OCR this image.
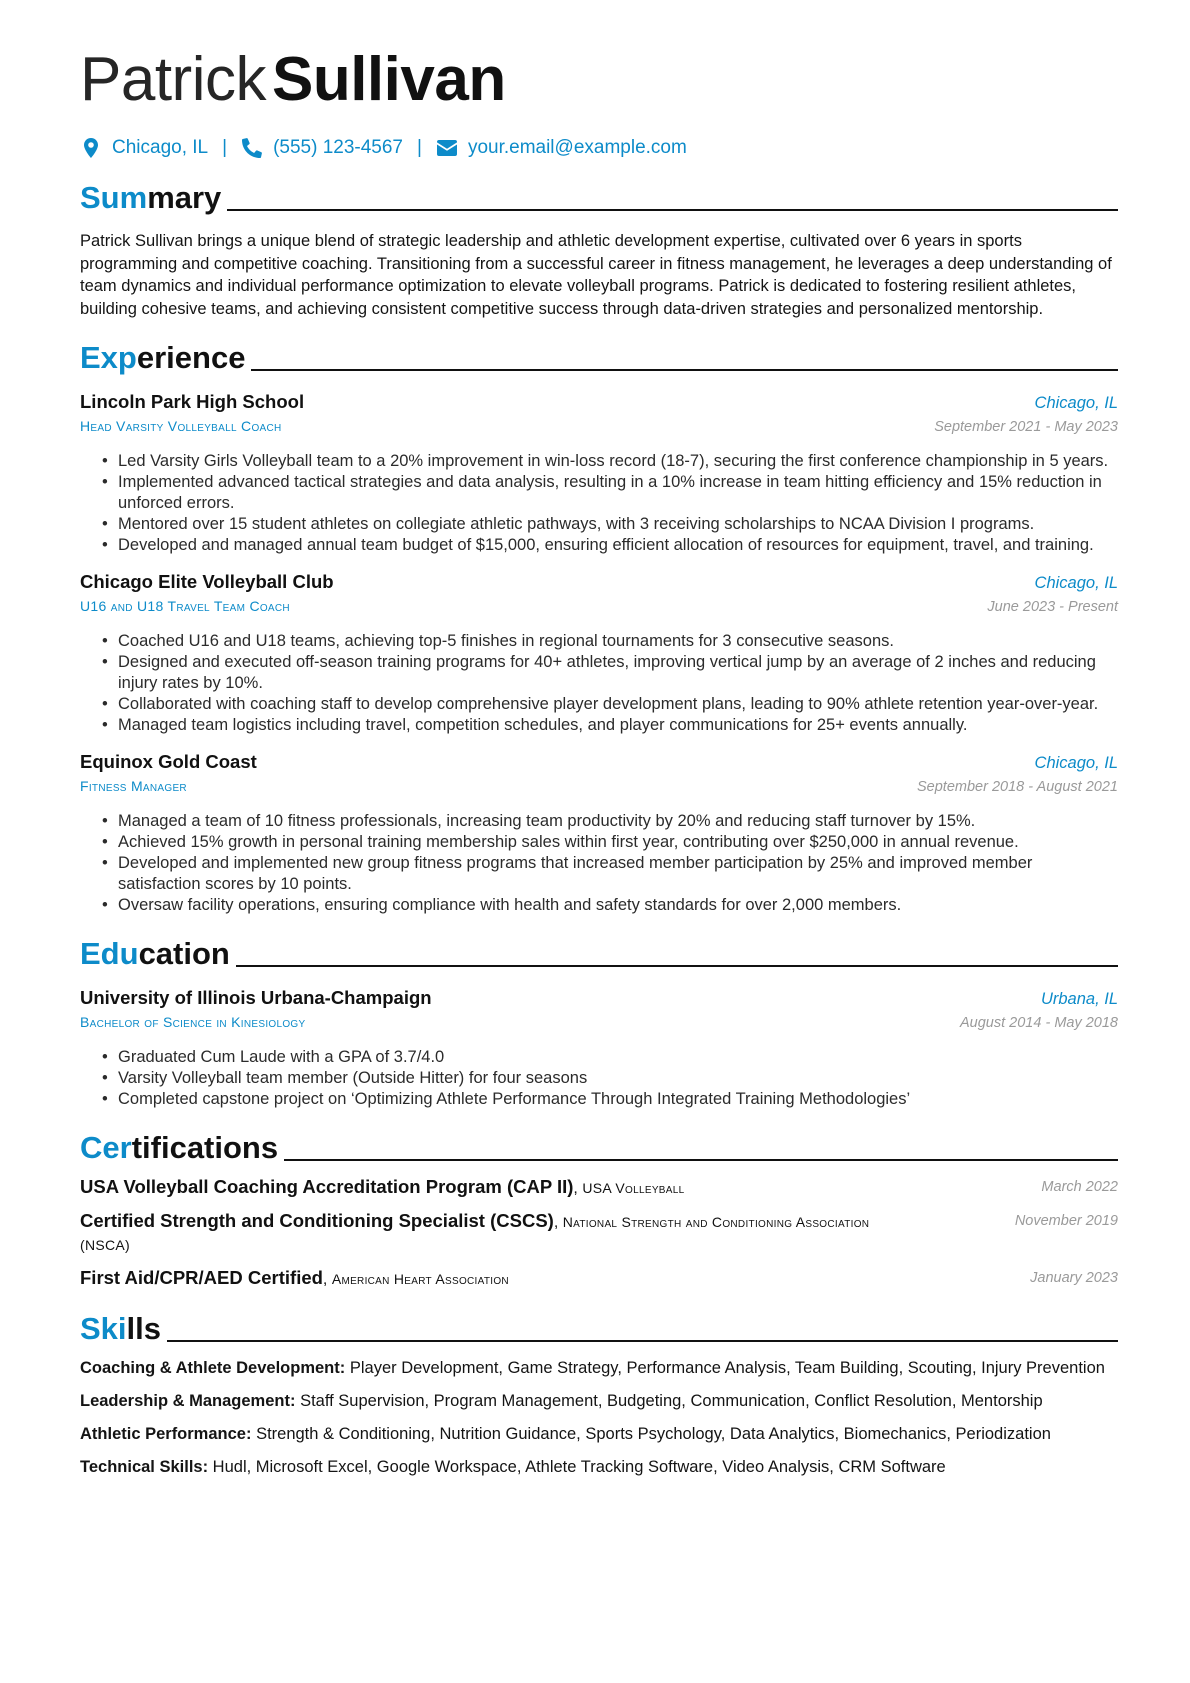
PatrickSullivan
Chicago, IL | (555) 123-4567 | your.email@example.com
Summary
Patrick Sullivan brings a unique blend of strategic leadership and athletic development expertise, cultivated over 6 years in sports programming and competitive coaching. Transitioning from a successful career in fitness management, he leverages a deep understanding of team dynamics and individual performance optimization to elevate volleyball programs. Patrick is dedicated to fostering resilient athletes, building cohesive teams, and achieving consistent competitive success through data-driven strategies and personalized mentorship.
Experience
Lincoln Park High School	Chicago, IL
Head Varsity Volleyball Coach	September 2021 - May 2023
• Led Varsity Girls Volleyball team to a 20% improvement in win-loss record (18-7), securing the first conference championship in 5 years.
• Implemented advanced tactical strategies and data analysis, resulting in a 10% increase in team hitting efficiency and 15% reduction in unforced errors.
• Mentored over 15 student athletes on collegiate athletic pathways, with 3 receiving scholarships to NCAA Division I programs.
• Developed and managed annual team budget of $15,000, ensuring efficient allocation of resources for equipment, travel, and training.
Chicago Elite Volleyball Club	Chicago, IL
U16 and U18 Travel Team Coach	June 2023 - Present
• Coached U16 and U18 teams, achieving top-5 finishes in regional tournaments for 3 consecutive seasons.
• Designed and executed off-season training programs for 40+ athletes, improving vertical jump by an average of 2 inches and reducing injury rates by 10%.
• Collaborated with coaching staff to develop comprehensive player development plans, leading to 90% athlete retention year-over-year.
• Managed team logistics including travel, competition schedules, and player communications for 25+ events annually.
Equinox Gold Coast	Chicago, IL
Fitness Manager	September 2018 - August 2021
• Managed a team of 10 fitness professionals, increasing team productivity by 20% and reducing staff turnover by 15%.
• Achieved 15% growth in personal training membership sales within first year, contributing over $250,000 in annual revenue.
• Developed and implemented new group fitness programs that increased member participation by 25% and improved member satisfaction scores by 10 points.
• Oversaw facility operations, ensuring compliance with health and safety standards for over 2,000 members.
Education
University of Illinois Urbana-Champaign	Urbana, IL
Bachelor of Science in Kinesiology	August 2014 - May 2018
• Graduated Cum Laude with a GPA of 3.7/4.0
• Varsity Volleyball team member (Outside Hitter) for four seasons
• Completed capstone project on ‘Optimizing Athlete Performance Through Integrated Training Methodologies’
Certifications
USA Volleyball Coaching Accreditation Program (CAP II), USA Volleyball	March 2022
Certified Strength and Conditioning Specialist (CSCS), National Strength and Conditioning Association (NSCA)
November 2019
First Aid/CPR/AED Certified, American Heart Association	January 2023
Skills
Coaching & Athlete Development: Player Development, Game Strategy, Performance Analysis, Team Building, Scouting, Injury Prevention
Leadership & Management: Staff Supervision, Program Management, Budgeting, Communication, Conflict Resolution, Mentorship
Athletic Performance: Strength & Conditioning, Nutrition Guidance, Sports Psychology, Data Analytics, Biomechanics, Periodization
Technical Skills: Hudl, Microsoft Excel, Google Workspace, Athlete Tracking Software, Video Analysis, CRM Software
